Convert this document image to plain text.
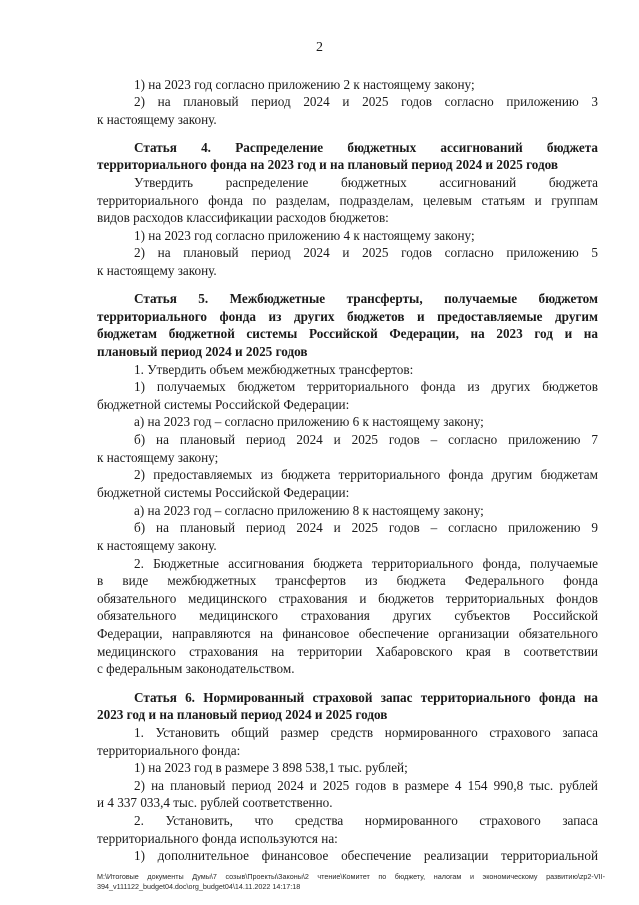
2
1) на 2023 год согласно приложению 2 к настоящему закону;
2) на плановый период 2024 и 2025 годов согласно приложению 3
к настоящему закону.
Статья 4. Распределение бюджетных ассигнований бюджета
территориального фонда на 2023 год и на плановый период 2024 и 2025 годов
Утвердить распределение бюджетных ассигнований бюджета
территориального фонда по разделам, подразделам, целевым статьям и группам
видов расходов классификации расходов бюджетов:
1) на 2023 год согласно приложению 4 к настоящему закону;
2) на плановый период 2024 и 2025 годов согласно приложению 5
к настоящему закону.
Статья 5. Межбюджетные трансферты, получаемые бюджетом
территориального фонда из других бюджетов и предоставляемые другим
бюджетам бюджетной системы Российской Федерации, на 2023 год и на
плановый период 2024 и 2025 годов
1. Утвердить объем межбюджетных трансфертов:
1) получаемых бюджетом территориального фонда из других бюджетов
бюджетной системы Российской Федерации:
а) на 2023 год – согласно приложению 6 к настоящему закону;
б) на плановый период 2024 и 2025 годов – согласно приложению 7
к настоящему закону;
2) предоставляемых из бюджета территориального фонда другим бюджетам
бюджетной системы Российской Федерации:
а) на 2023 год – согласно приложению 8 к настоящему закону;
б) на плановый период 2024 и 2025 годов – согласно приложению 9
к настоящему закону.
2. Бюджетные ассигнования бюджета территориального фонда, получаемые
в виде межбюджетных трансфертов из бюджета Федерального фонда
обязательного медицинского страхования и бюджетов территориальных фондов
обязательного медицинского страхования других субъектов Российской
Федерации, направляются на финансовое обеспечение организации обязательного
медицинского страхования на территории Хабаровского края в соответствии
с федеральным законодательством.
Статья 6. Нормированный страховой запас территориального фонда на
2023 год и на плановый период 2024 и 2025 годов
1. Установить общий размер средств нормированного страхового запаса
территориального фонда:
1) на 2023 год в размере 3 898 538,1 тыс. рублей;
2) на плановый период 2024 и 2025 годов в размере 4 154 990,8 тыс. рублей
и 4 337 033,4 тыс. рублей соответственно.
2. Установить, что средства нормированного страхового запаса
территориального фонда используются на:
1) дополнительное финансовое обеспечение реализации территориальной
M:\Итоговые документы Думы\7 созыв\Проекты\Законы\2 чтение\Комитет по бюджету, налогам и экономическому развитию\zp2-VII-
394_v111122_budget04.doc\org_budget04\14.11.2022 14:17:18
